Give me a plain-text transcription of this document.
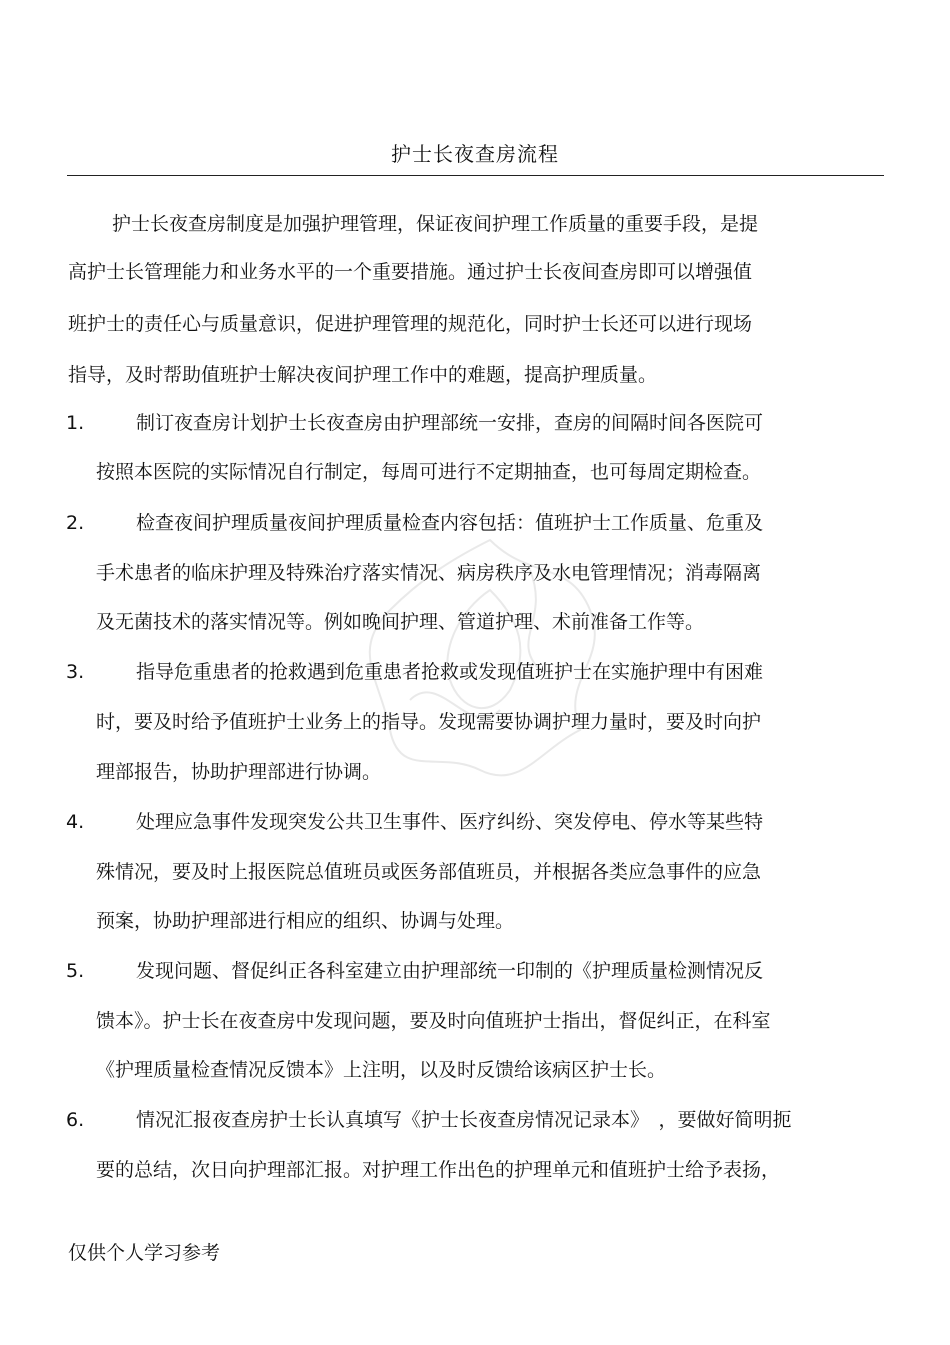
护士长夜查房流程
护士长夜查房制度是加强护理管理，保证夜间护理工作质量的重要手段，是提
高护士长管理能力和业务水平的一个重要措施。通过护士长夜间查房即可以增强值
班护士的责任心与质量意识，促进护理管理的规范化，同时护士长还可以进行现场
指导，及时帮助值班护士解决夜间护理工作中的难题，提高护理质量。
1.	制订夜查房计划护士长夜查房由护理部统一安排，查房的间隔时间各医院可
按照本医院的实际情况自行制定，每周可进行不定期抽查，也可每周定期检查。
2.	检查夜间护理质量夜间护理质量检查内容包括：值班护士工作质量、危重及
手术患者的临床护理及特殊治疗落实情况、病房秩序及水电管理情况；消毒隔离
及无菌技术的落实情况等。例如晚间护理、管道护理、术前准备工作等。
3.	指导危重患者的抢救遇到危重患者抢救或发现值班护士在实施护理中有困难
时，要及时给予值班护士业务上的指导。发现需要协调护理力量时，要及时向护
理部报告，协助护理部进行协调。
4.	处理应急事件发现突发公共卫生事件、医疗纠纷、突发停电、停水等某些特
殊情况，要及时上报医院总值班员或医务部值班员，并根据各类应急事件的应急
预案，协助护理部进行相应的组织、协调与处理。
5.	发现问题、督促纠正各科室建立由护理部统一印制的《护理质量检测情况反
馈本》。护士长在夜查房中发现问题，要及时向值班护士指出，督促纠正，在科室
《护理质量检查情况反馈本》上注明，以及时反馈给该病区护士长。
6.	情况汇报夜查房护士长认真填写《护士长夜查房情况记录本》　，要做好简明扼
要的总结，次日向护理部汇报。对护理工作出色的护理单元和值班护士给予表扬，
仅供个人学习参考
